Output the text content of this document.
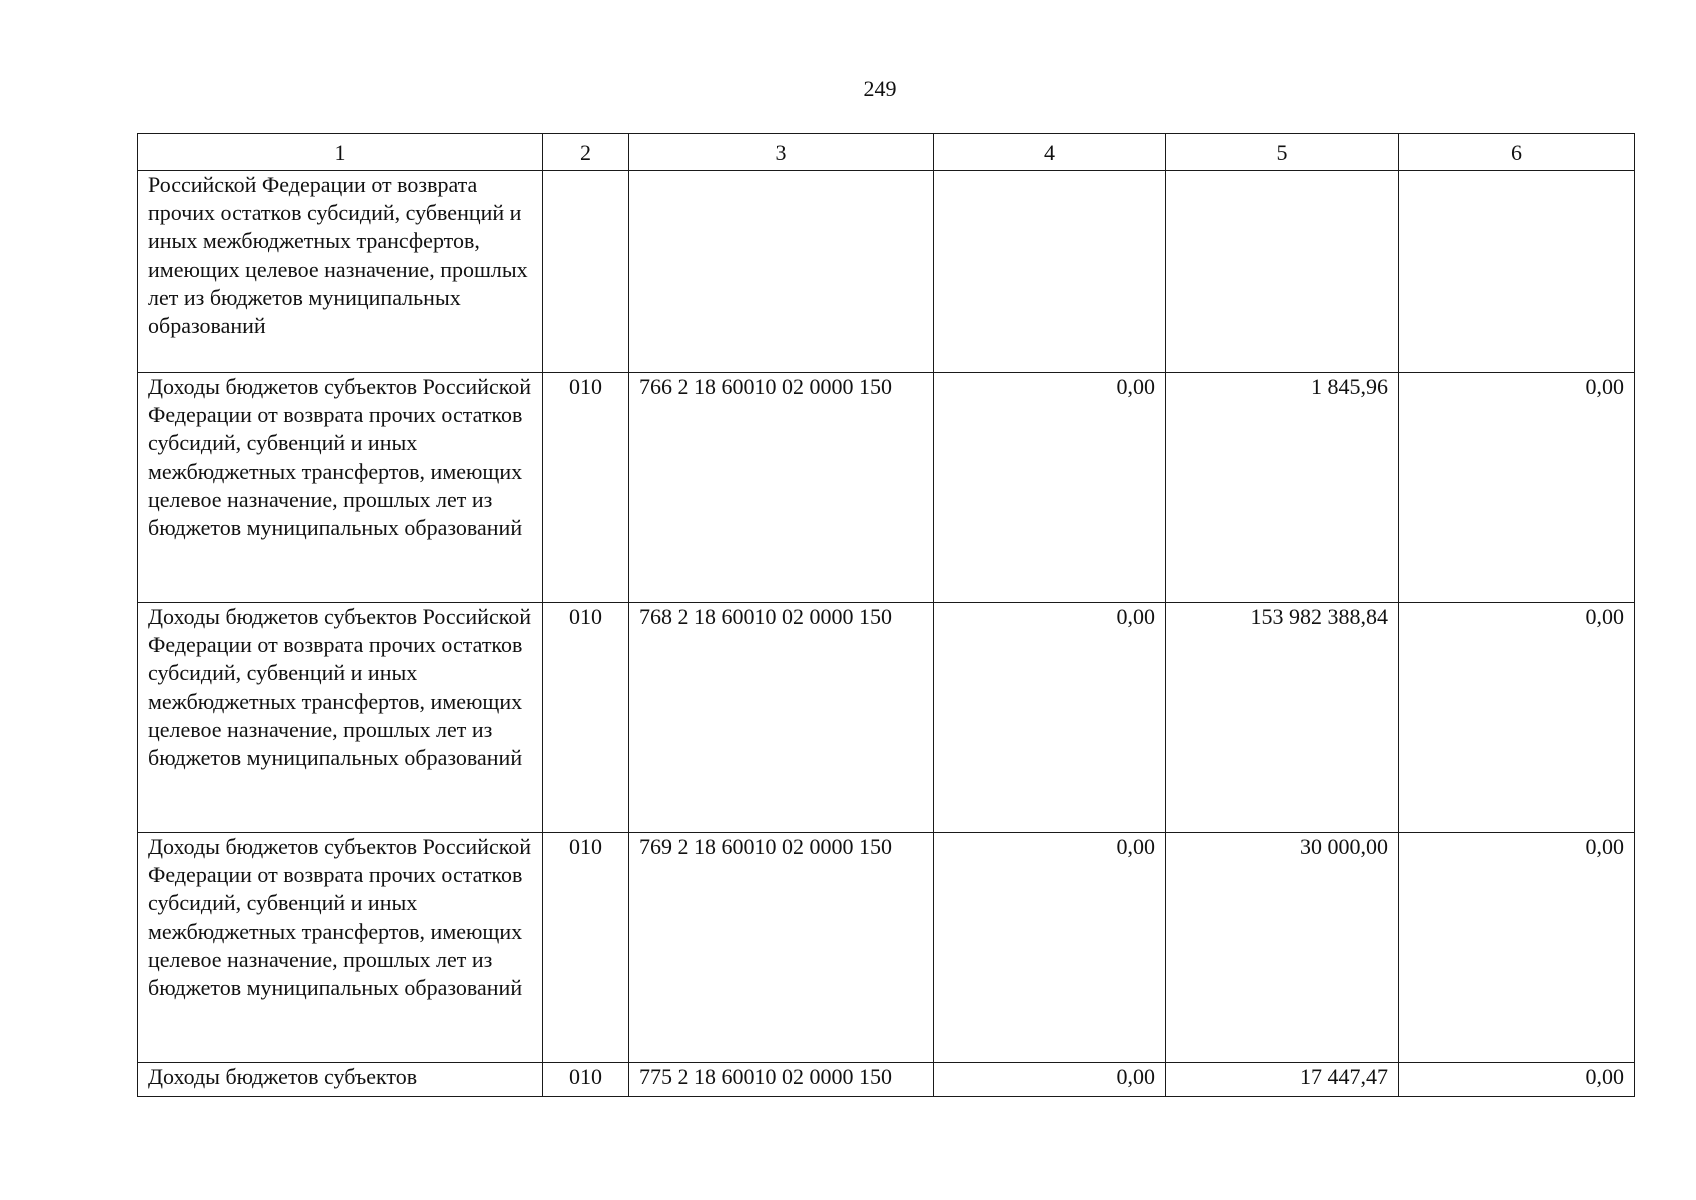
249
1	2	3	4	5	6
Российской Федерации от возврата прочих остатков субсидий, субвенций и иных межбюджетных трансфертов, имеющих целевое назначение, прошлых лет из бюджетов муниципальных образований					
Доходы бюджетов субъектов Российской Федерации от возврата прочих остатков субсидий, субвенций и иных межбюджетных трансфертов, имеющих целевое назначение, прошлых лет из бюджетов муниципальных образований	010	766 2 18 60010 02 0000 150	0,00	1 845,96	0,00
Доходы бюджетов субъектов Российской Федерации от возврата прочих остатков субсидий, субвенций и иных межбюджетных трансфертов, имеющих целевое назначение, прошлых лет из бюджетов муниципальных образований	010	768 2 18 60010 02 0000 150	0,00	153 982 388,84	0,00
Доходы бюджетов субъектов Российской Федерации от возврата прочих остатков субсидий, субвенций и иных межбюджетных трансфертов, имеющих целевое назначение, прошлых лет из бюджетов муниципальных образований	010	769 2 18 60010 02 0000 150	0,00	30 000,00	0,00
Доходы бюджетов субъектов	010	775 2 18 60010 02 0000 150	0,00	17 447,47	0,00
